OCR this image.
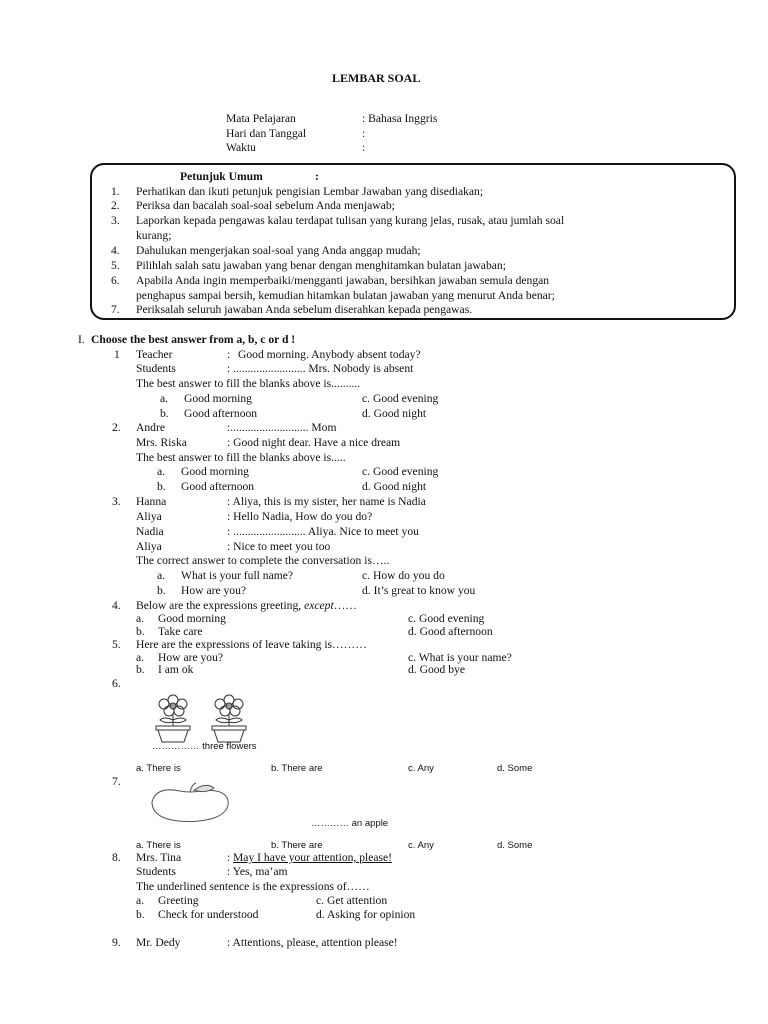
LEMBAR SOAL
Mata Pelajaran	: Bahasa Inggris
Hari dan Tanggal	:
Waktu	:
Petunjuk Umum	:
1. Perhatikan dan ikuti petunjuk pengisian Lembar Jawaban yang disediakan;
2. Periksa dan bacalah soal-soal sebelum Anda menjawab;
3. Laporkan kepada pengawas kalau terdapat tulisan yang kurang jelas, rusak, atau jumlah soal
kurang;
4. Dahulukan mengerjakan soal-soal yang Anda anggap mudah;
5. Pilihlah salah satu jawaban yang benar dengan menghitamkan bulatan jawaban;
6. Apabila Anda ingin memperbaiki/mengganti jawaban, bersihkan jawaban semula dengan
penghapus sampai bersih, kemudian hitamkan bulatan jawaban yang menurut Anda benar;
7. Periksalah seluruh jawaban Anda sebelum diserahkan kepada pengawas.
I. Choose the best answer from a, b, c or d !
1 Teacher	: Good morning. Anybody absent today?
Students	: ......................... Mrs. Nobody is absent
The best answer to fill the blanks above is..........
a. Good morning	c. Good evening
b. Good afternoon	d. Good night
2. Andre	:........................... Mom
Mrs. Riska	: Good night dear. Have a nice dream
The best answer to fill the blanks above is.....
a. Good morning	c. Good evening
b. Good afternoon	d. Good night
3. Hanna	: Aliya, this is my sister, her name is Nadia
Aliya	: Hello Nadia, How do you do?
Nadia	: ......................... Aliya. Nice to meet you
Aliya	: Nice to meet you too
The correct answer to complete the conversation is…..
a. What is your full name?	c. How do you do
b. How are you?	d. It’s great to know you
4. Below are the expressions greeting, except……
a. Good morning	c. Good evening
b. Take care	d. Good afternoon
5. Here are the expressions of leave taking is………
a. How are you?	c. What is your name?
b. I am ok	d. Good bye
6.
…………… three flowers
a. There is	b. There are	c. Any	d. Some
7.
………… an apple
a. There is	b. There are	c. Any	d. Some
8. Mrs. Tina	: May I have your attention, please!
Students	: Yes, ma’am
The underlined sentence is the expressions of……
a. Greeting	c. Get attention
b. Check for understood	d. Asking for opinion
9. Mr. Dedy	: Attentions, please, attention please!
